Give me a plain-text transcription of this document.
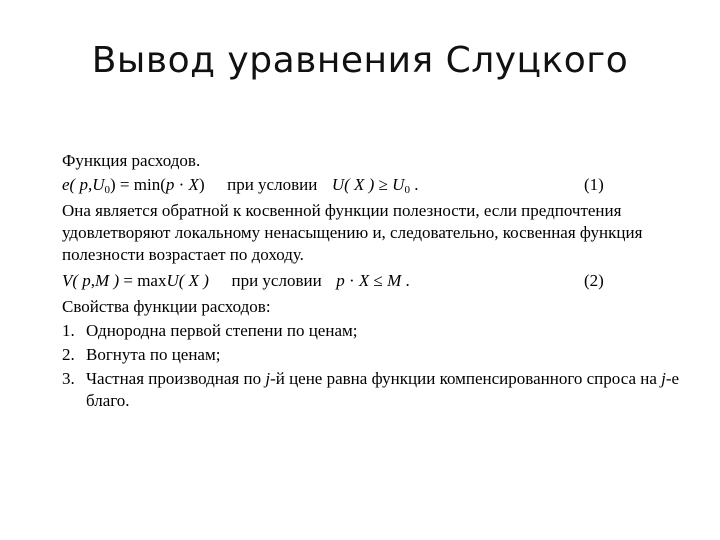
Вывод уравнения Слуцкого
Функция расходов.
e( $p,U_0) = \min(p \cdot X)$ при условии U( X ) ≥ $U_0$ .	(1)
Она является обратной к косвенной функции полезности, если предпочтения
удовлетворяют локальному ненасыщению и, следовательно, косвенная функция
полезности возрастает по доходу.
V( p,M ) = maxU( X ) при условии p · X ≤ M .	(2)
Свойства функции расходов:
1. Однородна первой степени по ценам;
2. Вогнута по ценам;
3. Частная производная по j-й цене равна функции компенсированного спроса на j-е
благо.
